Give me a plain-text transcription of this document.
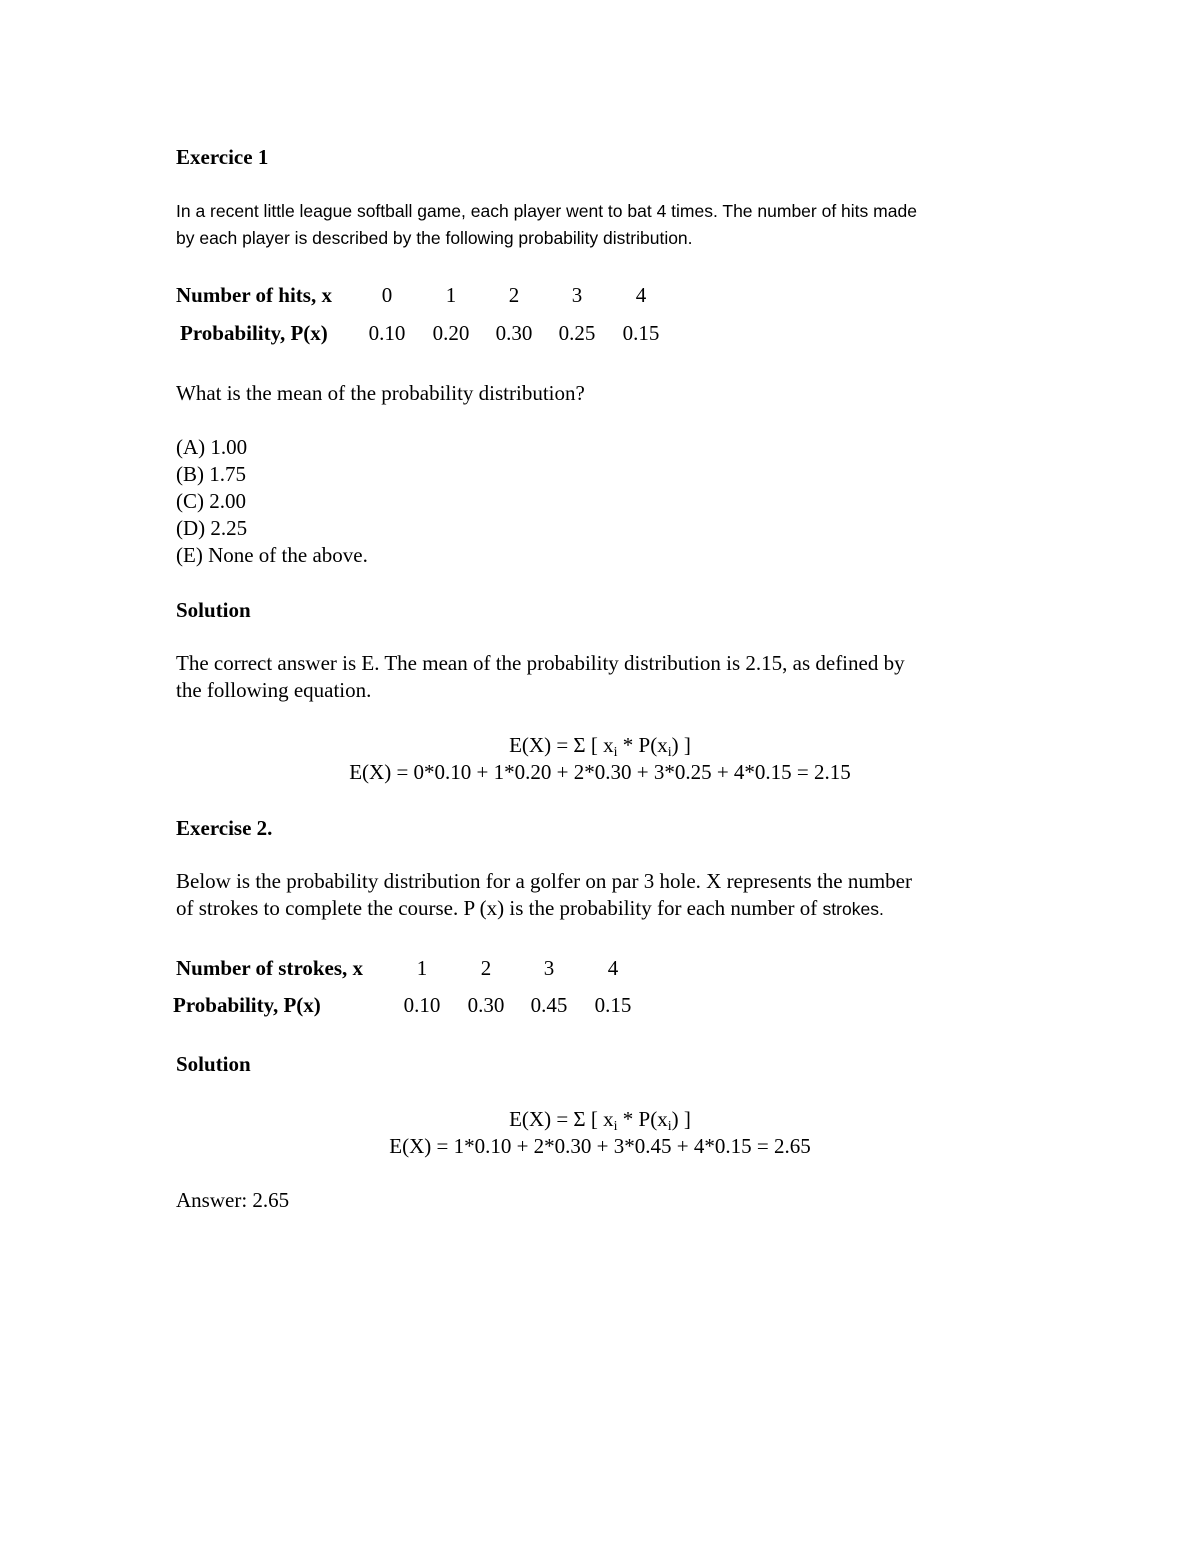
Exercice 1
In a recent little league softball game, each player went to bat 4 times. The number of hits made
by each player is described by the following probability distribution.
Number of hits, x	0	1	2	3	4
Probability, P(x)	0.10	0.20	0.30	0.25	0.15
What is the mean of the probability distribution?
(A) 1.00
(B) 1.75
(C) 2.00
(D) 2.25
(E) None of the above.
Solution
The correct answer is E. The mean of the probability distribution is 2.15, as defined by
the following equation.
E(X) = Σ [ $x_i * P(x_i)$ ]
E(X) = 0*0.10 + 1*0.20 + 2*0.30 + 3*0.25 + 4*0.15 = 2.15
Exercise 2.
Below is the probability distribution for a golfer on par 3 hole. X represents the number
of strokes to complete the course. P (x) is the probability for each number of strokes.
Number of strokes, x	1	2	3	4
Probability, P(x)	0.10	0.30	0.45	0.15
Solution
E(X) = Σ [ $x_i * P(x_i)$ ]
E(X) = 1*0.10 + 2*0.30 + 3*0.45 + 4*0.15 = 2.65
Answer: 2.65
